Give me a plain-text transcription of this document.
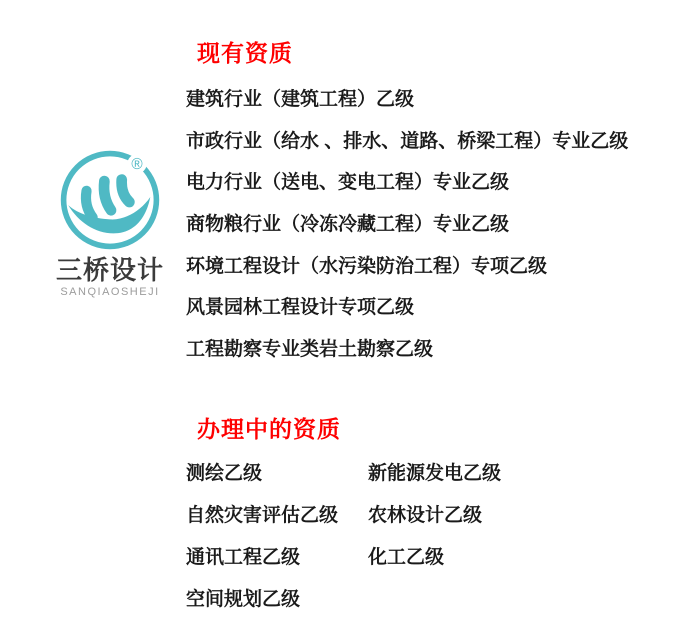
®
三桥设计
SANQIAOSHEJI
现有资质
建筑行业（建筑工程）乙级
市政行业（给水 、排水、道路、桥梁工程）专业乙级
电力行业（送电、变电工程）专业乙级
商物粮行业（冷冻冷藏工程）专业乙级
环境工程设计（水污染防治工程）专项乙级
风景园林工程设计专项乙级
工程勘察专业类岩土勘察乙级
办理中的资质
测绘乙级	新能源发电乙级
自然灾害评估乙级	农林设计乙级
通讯工程乙级	化工乙级
空间规划乙级
